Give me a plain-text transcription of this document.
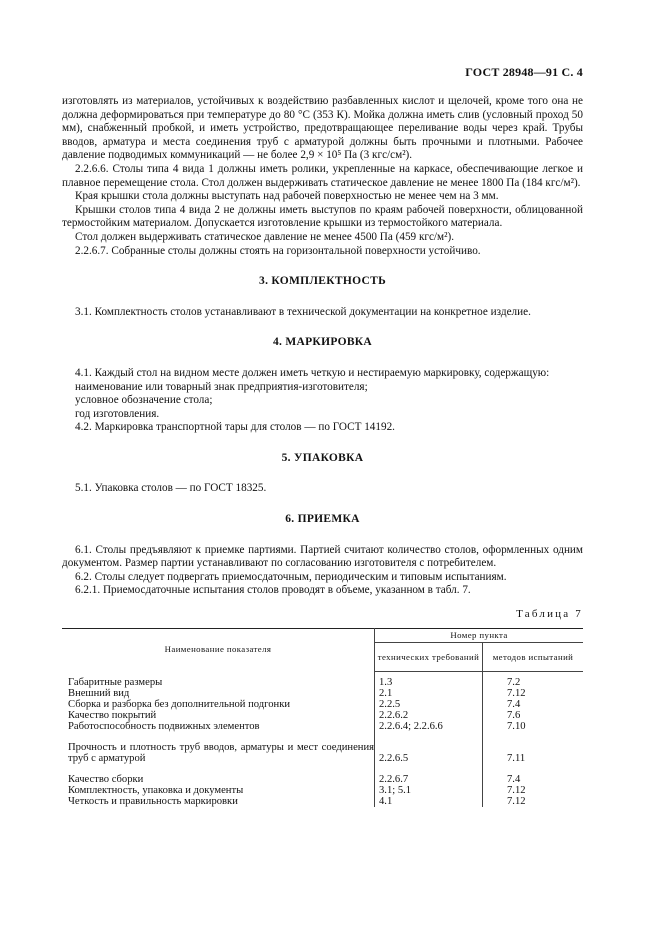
ГОСТ 28948—91 С. 4

изготовлять из материалов, устойчивых к воздействию разбавленных кислот и щелочей, кроме того она не должна деформироваться при температуре до 80 °С (353 К). Мойка должна иметь слив (условный проход 50 мм), снабженный пробкой, и иметь устройство, предотвращающее переливание воды через край. Трубы вводов, арматура и места соединения труб с арматурой должны быть прочными и плотными. Рабочее давление подводимых коммуникаций — не более 2,9 × 10⁵ Па (3 кгс/см²).

2.2.6.6. Столы типа 4 вида 1 должны иметь ролики, укрепленные на каркасе, обеспечивающие легкое и плавное перемещение стола. Стол должен выдерживать статическое давление не менее 1800 Па (184 кгс/м²).

Края крышки стола должны выступать над рабочей поверхностью не менее чем на 3 мм.

Крышки столов типа 4 вида 2 не должны иметь выступов по краям рабочей поверхности, облицованной термостойким материалом. Допускается изготовление крышки из термостойкого материала.

Стол должен выдерживать статическое давление не менее 4500 Па (459 кгс/м²).

2.2.6.7. Собранные столы должны стоять на горизонтальной поверхности устойчиво.

3. КОМПЛЕКТНОСТЬ

3.1. Комплектность столов устанавливают в технической документации на конкретное изделие.

4. МАРКИРОВКА

4.1. Каждый стол на видном месте должен иметь четкую и нестираемую маркировку, содержащую:

наименование или товарный знак предприятия-изготовителя;

условное обозначение стола;

год изготовления.

4.2. Маркировка транспортной тары для столов — по ГОСТ 14192.

5. УПАКОВКА

5.1. Упаковка столов — по ГОСТ 18325.

6. ПРИЕМКА

6.1. Столы предъявляют к приемке партиями. Партией считают количество столов, оформленных одним документом. Размер партии устанавливают по согласованию изготовителя с потребителем.

6.2. Столы следует подвергать приемосдаточным, периодическим и типовым испытаниям.

6.2.1. Приемосдаточные испытания столов проводят в объеме, указанном в табл. 7.

Таблица 7
Наименование показателя	Номер пункта	
	технических требований	методов испытаний
Габаритные размеры	1.3	7.2
Внешний вид	2.1	7.12
Сборка и разборка без дополнительной подгонки	2.2.5	7.4
Качество покрытий	2.2.6.2	7.6
Работоспособность подвижных элементов	2.2.6.4; 2.2.6.6	7.10
Прочность и плотность труб вводов, арматуры и мест соединения труб с арматурой	2.2.6.5	7.11
Качество сборки	2.2.6.7	7.4
Комплектность, упаковка и документы	3.1; 5.1	7.12
Четкость и правильность маркировки	4.1	7.12
